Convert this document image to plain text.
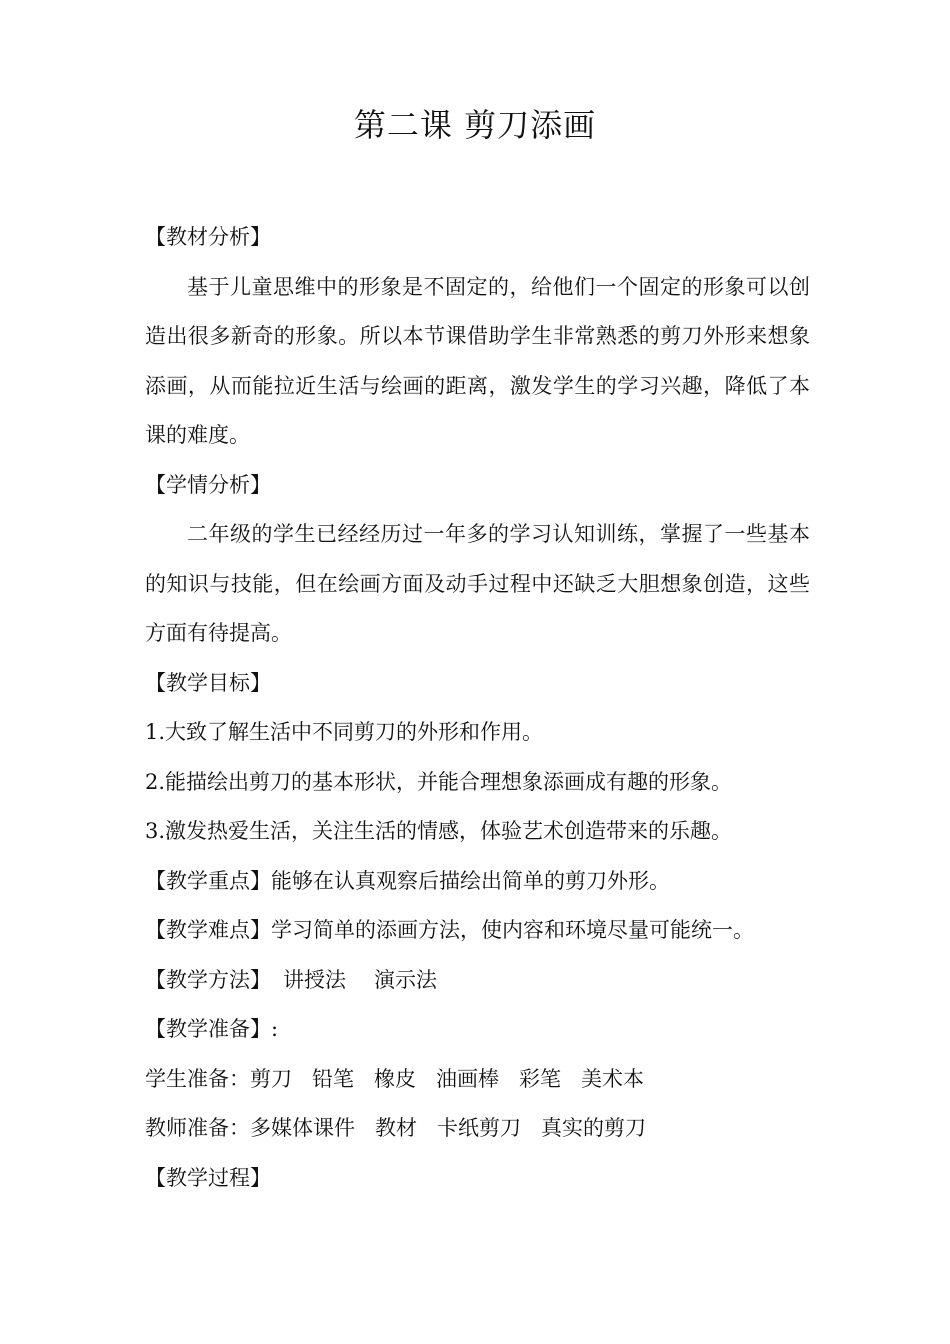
第二课 剪刀添画
【教材分析】
基于儿童思维中的形象是不固定的，给他们一个固定的形象可以创造出很多新奇的形象。所以本节课借助学生非常熟悉的剪刀外形来想象添画，从而能拉近生活与绘画的距离，激发学生的学习兴趣，降低了本课的难度。
【学情分析】
二年级的学生已经经历过一年多的学习认知训练，掌握了一些基本的知识与技能，但在绘画方面及动手过程中还缺乏大胆想象创造，这些方面有待提高。
【教学目标】
1.大致了解生活中不同剪刀的外形和作用。
2.能描绘出剪刀的基本形状，并能合理想象添画成有趣的形象。
3.激发热爱生活，关注生活的情感，体验艺术创造带来的乐趣。
【教学重点】能够在认真观察后描绘出简单的剪刀外形。
【教学难点】学习简单的添画方法，使内容和环境尽量可能统一。
【教学方法】 讲授法 演示法
【教学准备】:
学生准备：剪刀 铅笔 橡皮 油画棒 彩笔 美术本
教师准备：多媒体课件 教材 卡纸剪刀 真实的剪刀
【教学过程】
